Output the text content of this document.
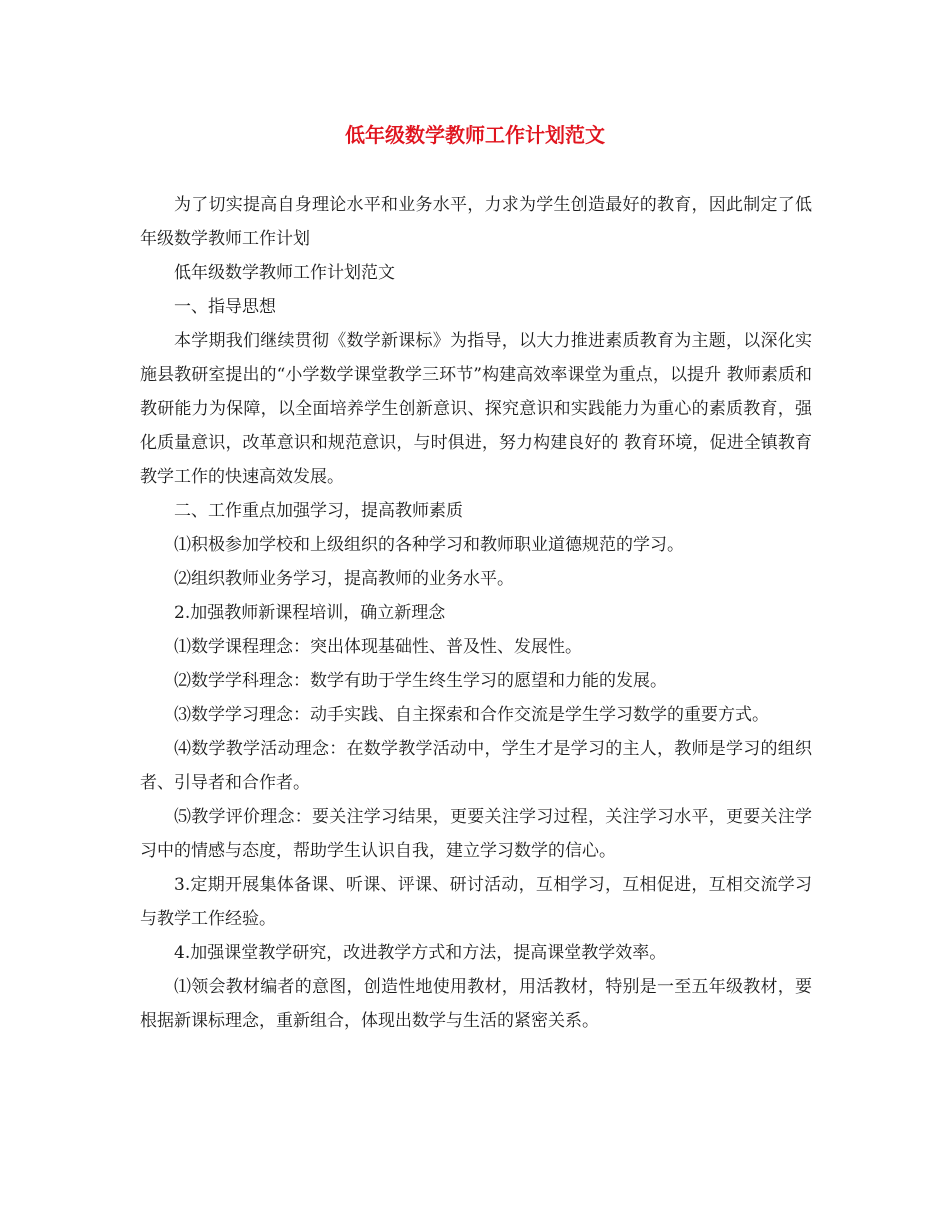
低年级数学教师工作计划范文

为了切实提高自身理论水平和业务水平，力求为学生创造最好的教育，因此制定了低年级数学教师工作计划

低年级数学教师工作计划范文

一、指导思想

本学期我们继续贯彻《数学新课标》为指导，以大力推进素质教育为主题，以深化实施县教研室提出的“小学数学课堂教学三环节”构建高效率课堂为重点，以提升 教师素质和教研能力为保障，以全面培养学生创新意识、探究意识和实践能力为重心的素质教育，强化质量意识，改革意识和规范意识，与时俱进，努力构建良好的 教育环境，促进全镇教育教学工作的快速高效发展。

二、工作重点加强学习，提高教师素质

⑴积极参加学校和上级组织的各种学习和教师职业道德规范的学习。

⑵组织教师业务学习，提高教师的业务水平。

2.加强教师新课程培训，确立新理念

⑴数学课程理念：突出体现基础性、普及性、发展性。

⑵数学学科理念：数学有助于学生终生学习的愿望和力能的发展。

⑶数学学习理念：动手实践、自主探索和合作交流是学生学习数学的重要方式。

⑷数学教学活动理念：在数学教学活动中，学生才是学习的主人，教师是学习的组织者、引导者和合作者。

⑸教学评价理念：要关注学习结果，更要关注学习过程，关注学习水平，更要关注学习中的情感与态度，帮助学生认识自我，建立学习数学的信心。

3.定期开展集体备课、听课、评课、研讨活动，互相学习，互相促进，互相交流学习与教学工作经验。

4.加强课堂教学研究，改进教学方式和方法，提高课堂教学效率。

⑴领会教材编者的意图，创造性地使用教材，用活教材，特别是一至五年级教材，要根据新课标理念，重新组合，体现出数学与生活的紧密关系。
